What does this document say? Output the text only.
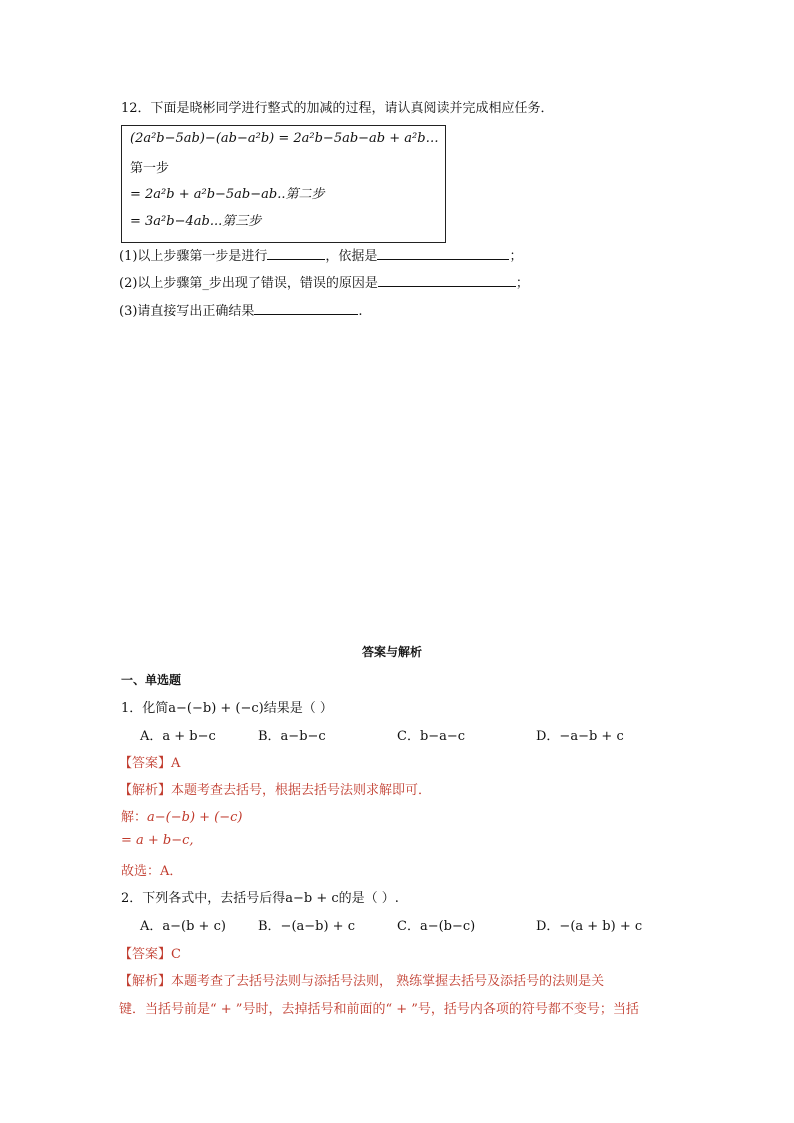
12．下面是晓彬同学进行整式的加减的过程，请认真阅读并完成相应任务．
(2a²b−5ab)−(ab−a²b) = 2a²b−5ab−ab + a²b…
第一步
= 2a²b + a²b−5ab−ab..第二步
= 3a²b−4ab...第三步
(1)以上步骤第一步是进行	，依据是	；
(2)以上步骤第_步出现了错误，错误的原因是	；
(3)请直接写出正确结果	.
答案与解析
一、单选题
1．化简a−(−b) + (−c)结果是（ ）
A．a + b−c	B．a−b−c	C．b−a−c	D．−a−b + c
【答案】A
【解析】本题考查去括号，根据去括号法则求解即可．
解：a−(−b) + (−c)
= a + b−c,
故选：A．
2．下列各式中，去括号后得a−b + c的是（ ）.
A．a−(b + c) B．−(a−b) + c	C．a−(b−c)	D．−(a + b) + c
【答案】C
【解析】本题考查了去括号法则与添括号法则， 熟练掌握去括号及添括号的法则是关
键．当括号前是“ + ”号时，去掉括号和前面的“ + ”号，括号内各项的符号都不变号；当括
